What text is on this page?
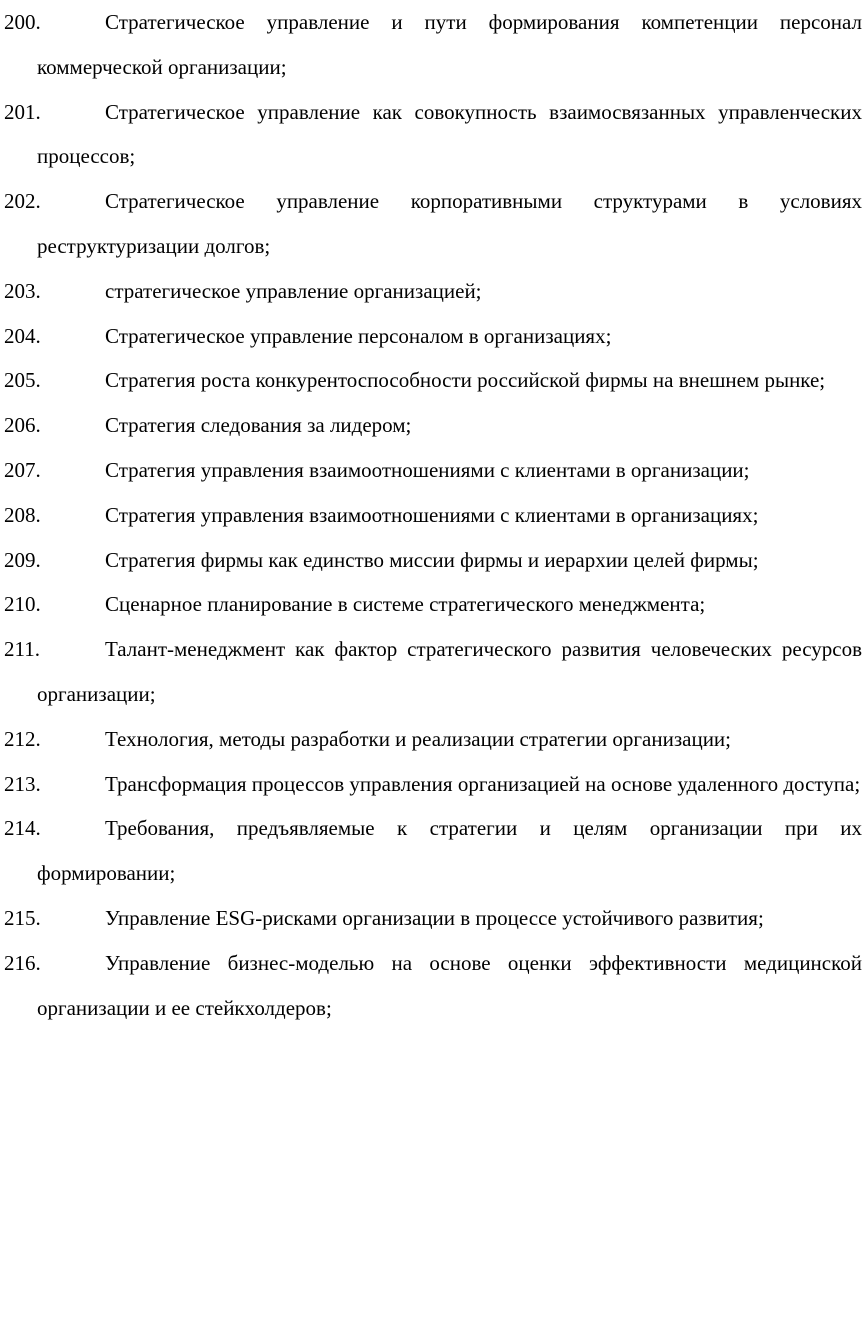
200.	Стратегическое управление и пути формирования компетенции персонал коммерческой организации;
201.	Стратегическое управление как совокупность взаимосвязанных управленческих процессов;
202.	Стратегическое управление корпоративными структурами в условиях реструктуризации долгов;
203.	стратегическое управление организацией;
204.	Стратегическое управление персоналом в организациях;
205.	Стратегия роста конкурентоспособности российской фирмы на внешнем рынке;
206.	Стратегия следования за лидером;
207.	Стратегия управления взаимоотношениями с клиентами в организации;
208.	Стратегия управления взаимоотношениями с клиентами в организациях;
209.	Стратегия фирмы как единство миссии фирмы и иерархии целей фирмы;
210.	Сценарное планирование в системе стратегического менеджмента;
211.	Талант-менеджмент как фактор стратегического развития человеческих ресурсов организации;
212.	Технология, методы разработки и реализации стратегии организации;
213.	Трансформация процессов управления организацией на основе удаленного доступа;
214.	Требования, предъявляемые к стратегии и целям организации при их формировании;
215.	Управление ESG-рисками организации в процессе устойчивого развития;
216.	Управление бизнес-моделью на основе оценки эффективности медицинской организации и ее стейкхолдеров;
